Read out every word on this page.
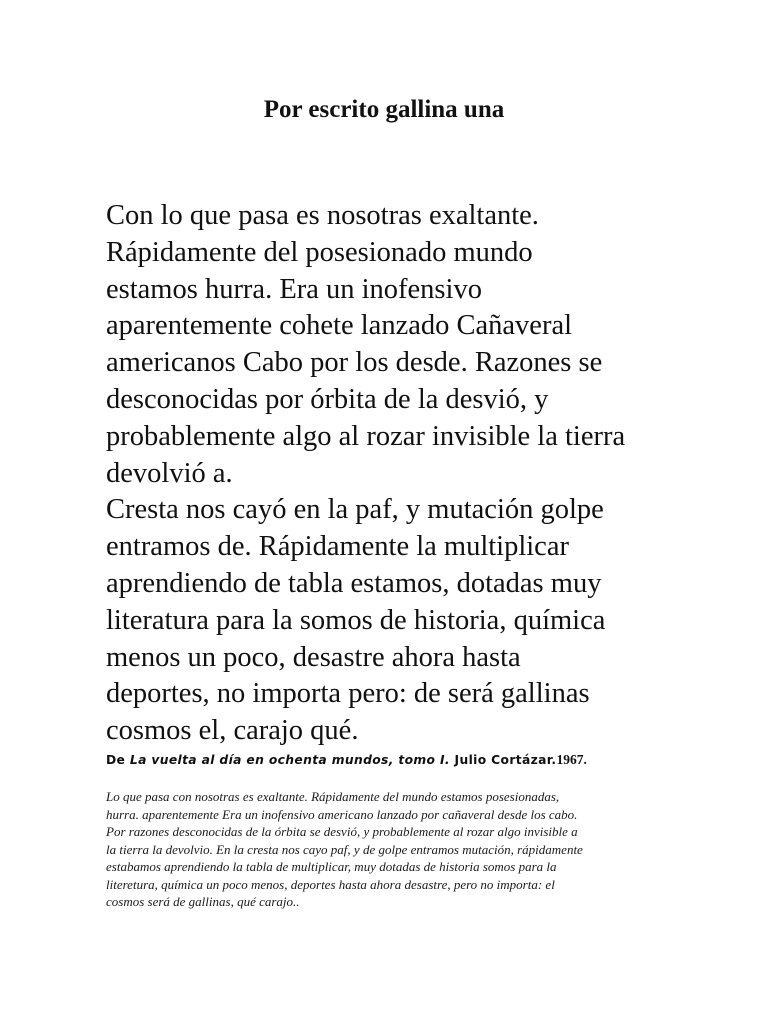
Por escrito gallina una
Con lo que pasa es nosotras exaltante.
Rápidamente del posesionado mundo
estamos hurra. Era un inofensivo
aparentemente cohete lanzado Cañaveral
americanos Cabo por los desde. Razones se
desconocidas por órbita de la desvió, y
probablemente algo al rozar invisible la tierra
devolvió a.
Cresta nos cayó en la paf, y mutación golpe
entramos de. Rápidamente la multiplicar
aprendiendo de tabla estamos, dotadas muy
literatura para la somos de historia, química
menos un poco, desastre ahora hasta
deportes, no importa pero: de será gallinas
cosmos el, carajo qué.

De La vuelta al día en ochenta mundos, tomo I. Julio Cortázar.1967.

Lo que pasa con nosotras es exaltante. Rápidamente del mundo estamos posesionadas,
hurra. aparentemente Era un inofensivo americano lanzado por cañaveral desde los cabo.
Por razones desconocidas de la órbita se desvió, y probablemente al rozar algo invisible a
la tierra la devolvio. En la cresta nos cayo paf, y de golpe entramos mutación, rápidamente
estabamos aprendiendo la tabla de multiplicar, muy dotadas de historia somos para la
literetura, química un poco menos, deportes hasta ahora desastre, pero no importa: el
cosmos será de gallinas, qué carajo..
